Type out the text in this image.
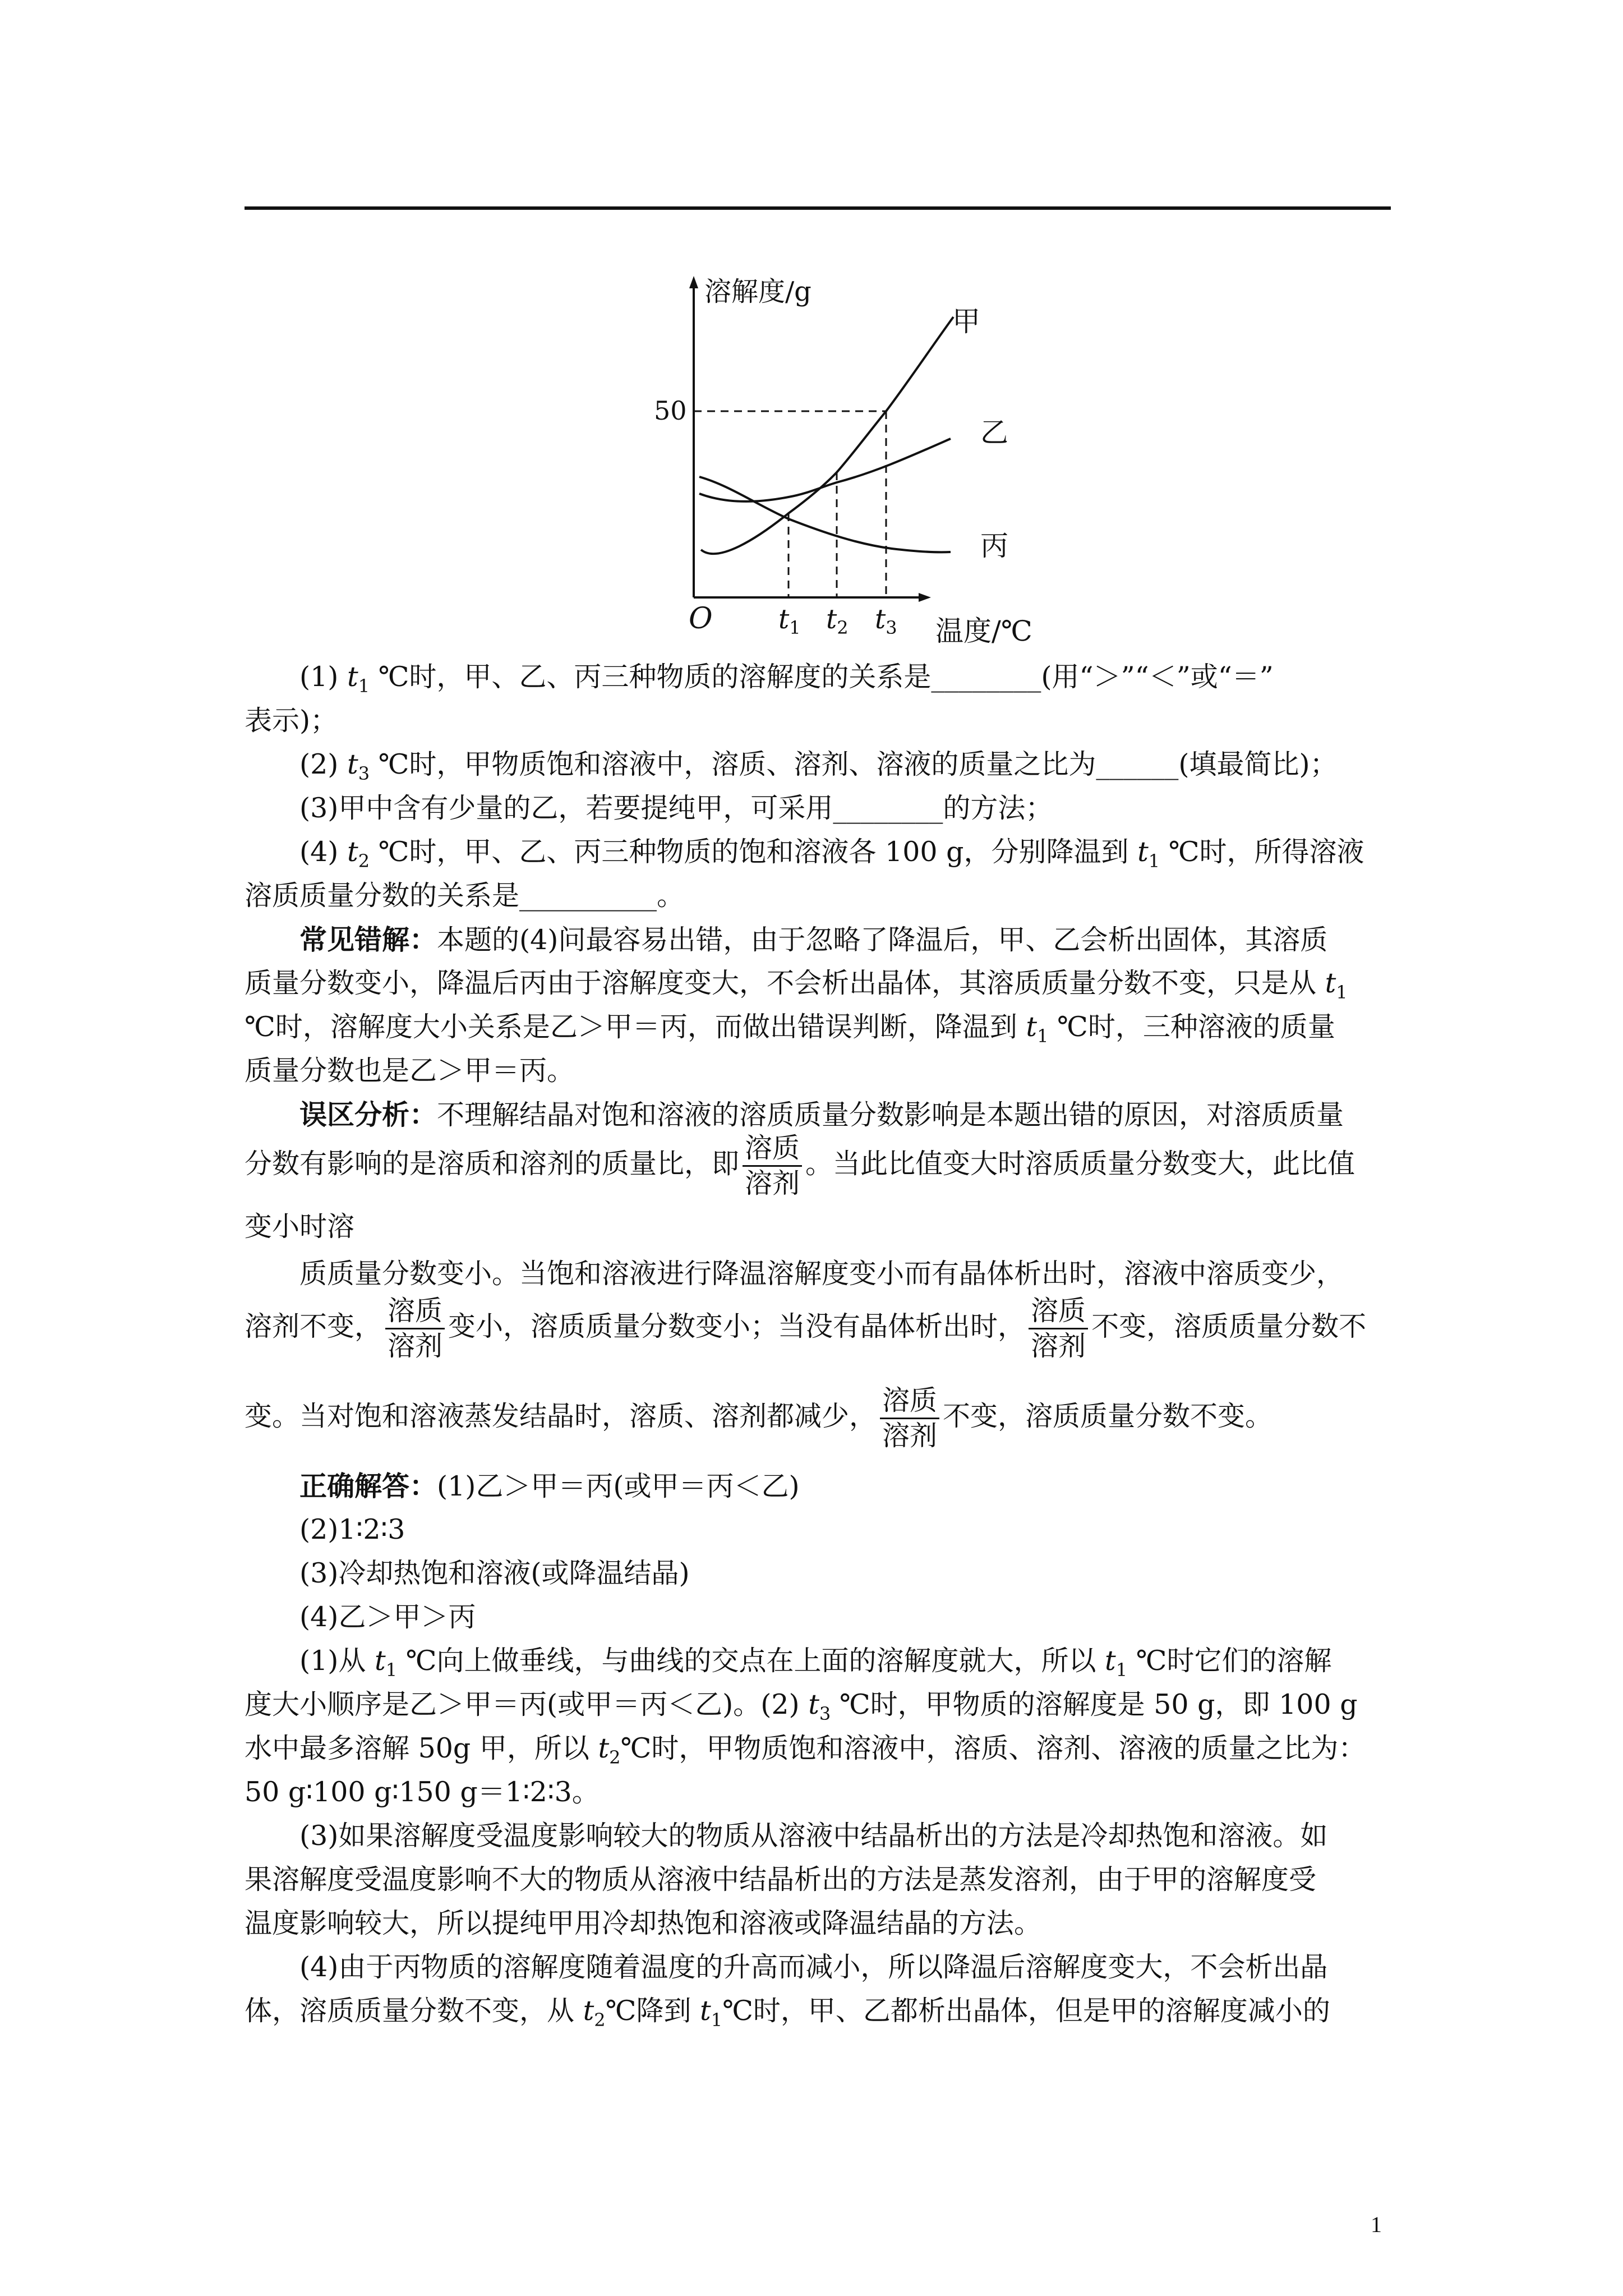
溶解度/g
50
O $t_1$ $t_2$ $t_3$ 温度/℃
甲
乙
丙

(1) $t_1$ ℃时，甲、乙、丙三种物质的溶解度的关系是________(用“＞”“＜”或“＝”

表示)；

(2) $t_3$ ℃时，甲物质饱和溶液中，溶质、溶剂、溶液的质量之比为______(填最简比)；

(3)甲中含有少量的乙，若要提纯甲，可采用________的方法；

(4) $t_2$ ℃时，甲、乙、丙三种物质的饱和溶液各 100 g，分别降温到 $t_1$ ℃时，所得溶液

溶质质量分数的关系是__________。

常见错解：本题的(4)问最容易出错，由于忽略了降温后，甲、乙会析出固体，其溶质

质量分数变小，降温后丙由于溶解度变大，不会析出晶体，其溶质质量分数不变，只是从 $t_1$

℃时，溶解度大小关系是乙＞甲＝丙，而做出错误判断，降温到 $t_1$ ℃时，三种溶液的质量

质量分数也是乙＞甲＝丙。

误区分析：不理解结晶对饱和溶液的溶质质量分数影响是本题出错的原因，对溶质质量

分数有影响的是溶质和溶剂的质量比，即 $\frac{\text{溶质}}{\text{溶剂}}$ 。当此比值变大时溶质质量分数变大，此比值

变小时溶

质质量分数变小。当饱和溶液进行降温溶解度变小而有晶体析出时，溶液中溶质变少，

溶剂不变， $\frac{\text{溶质}}{\text{溶剂}}$ 变小，溶质质量分数变小；当没有晶体析出时， $\frac{\text{溶质}}{\text{溶剂}}$ 不变，溶质质量分数不

变。当对饱和溶液蒸发结晶时，溶质、溶剂都减少， $\frac{\text{溶质}}{\text{溶剂}}$ 不变，溶质质量分数不变。

正确解答：(1)乙＞甲＝丙(或甲＝丙＜乙)

(2)1∶2∶3

(3)冷却热饱和溶液(或降温结晶)

(4)乙＞甲＞丙

(1)从 $t_1$ ℃向上做垂线，与曲线的交点在上面的溶解度就大，所以 $t_1$ ℃时它们的溶解

度大小顺序是乙＞甲＝丙(或甲＝丙＜乙)。(2) $t_3$ ℃时，甲物质的溶解度是 50 g，即 100 g

水中最多溶解 50g 甲，所以 $t_2℃$时，甲物质饱和溶液中，溶质、溶剂、溶液的质量之比为：

50 g∶100 g∶150 g＝1∶2∶3。

(3)如果溶解度受温度影响较大的物质从溶液中结晶析出的方法是冷却热饱和溶液。如

果溶解度受温度影响不大的物质从溶液中结晶析出的方法是蒸发溶剂，由于甲的溶解度受

温度影响较大，所以提纯甲用冷却热饱和溶液或降温结晶的方法。

(4)由于丙物质的溶解度随着温度的升高而减小，所以降温后溶解度变大，不会析出晶

体，溶质质量分数不变，从 $t_2℃$降到 $t_1℃$时，甲、乙都析出晶体，但是甲的溶解度减小的

1
